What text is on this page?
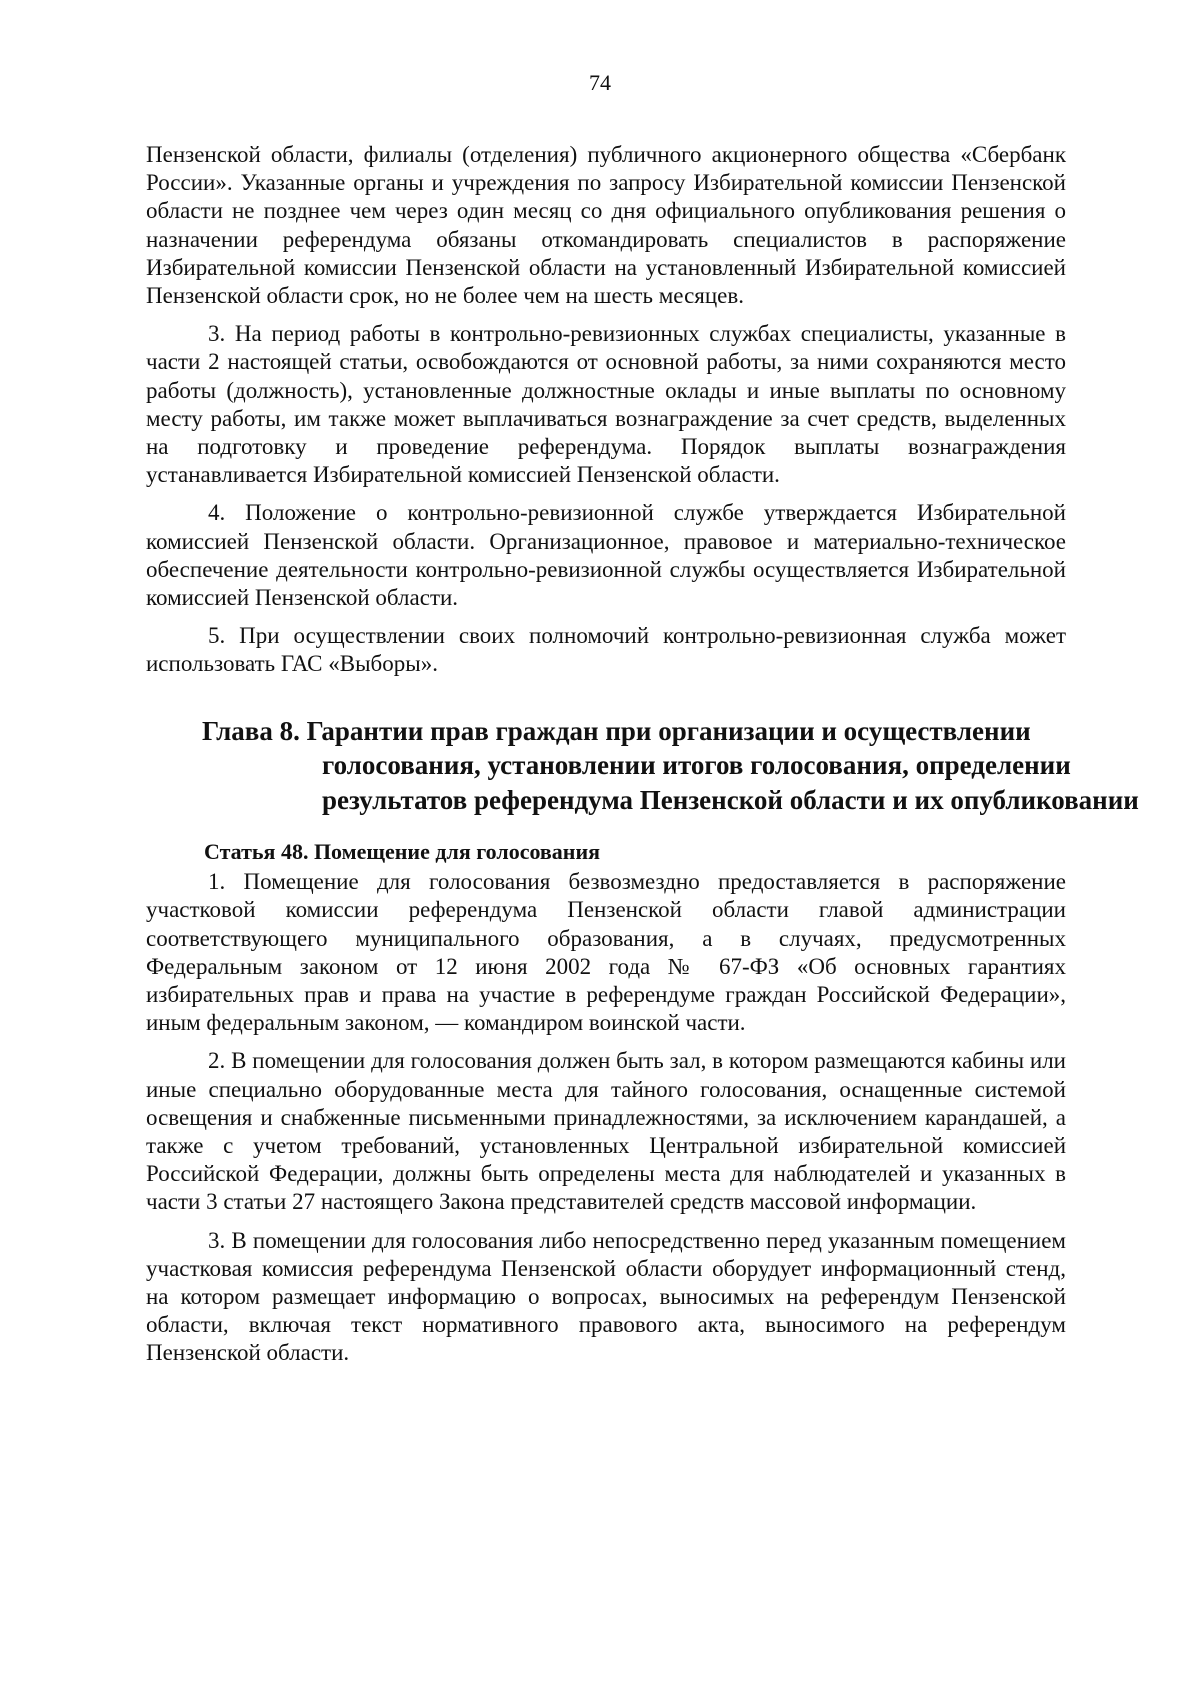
74

Пензенской области, филиалы (отделения) публичного акционерного общества «Сбербанк России». Указанные органы и учреждения по запросу Избирательной комиссии Пензенской области не позднее чем через один месяц со дня официального опубликования решения о назначении референдума обязаны откомандировать специалистов в распоряжение Избирательной комиссии Пензенской области на установленный Избирательной комиссией Пензенской области срок, но не более чем на шесть месяцев.

3. На период работы в контрольно-ревизионных службах специалисты, указанные в части 2 настоящей статьи, освобождаются от основной работы, за ними сохраняются место работы (должность), установленные должностные оклады и иные выплаты по основному месту работы, им также может выплачиваться вознаграждение за счет средств, выделенных на подготовку и проведение референдума. Порядок выплаты вознаграждения устанавливается Избирательной комиссией Пензенской области.

4. Положение о контрольно-ревизионной службе утверждается Избирательной комиссией Пензенской области. Организационное, правовое и материально-техническое обеспечение деятельности контрольно-ревизионной службы осуществляется Избирательной комиссией Пензенской области.

5. При осуществлении своих полномочий контрольно-ревизионная служба может использовать ГАС «Выборы».

Глава 8. Гарантии прав граждан при организации и осуществлении голосования, установлении итогов голосования, определении результатов референдума Пензенской области и их опубликовании
Статья 48. Помещение для голосования

1. Помещение для голосования безвозмездно предоставляется в распоряжение участковой комиссии референдума Пензенской области главой администрации соответствующего муниципального образования, а в случаях, предусмотренных Федеральным законом от 12 июня 2002 года № 67-ФЗ «Об основных гарантиях избирательных прав и права на участие в референдуме граждан Российской Федерации», иным федеральным законом, — командиром воинской части.

2. В помещении для голосования должен быть зал, в котором размещаются кабины или иные специально оборудованные места для тайного голосования, оснащенные системой освещения и снабженные письменными принадлежностями, за исключением карандашей, а также с учетом требований, установленных Центральной избирательной комиссией Российской Федерации, должны быть определены места для наблюдателей и указанных в части 3 статьи 27 настоящего Закона представителей средств массовой информации.

3. В помещении для голосования либо непосредственно перед указанным помещением участковая комиссия референдума Пензенской области оборудует информационный стенд, на котором размещает информацию о вопросах, выносимых на референдум Пензенской области, включая текст нормативного правового акта, выносимого на референдум Пензенской области.
